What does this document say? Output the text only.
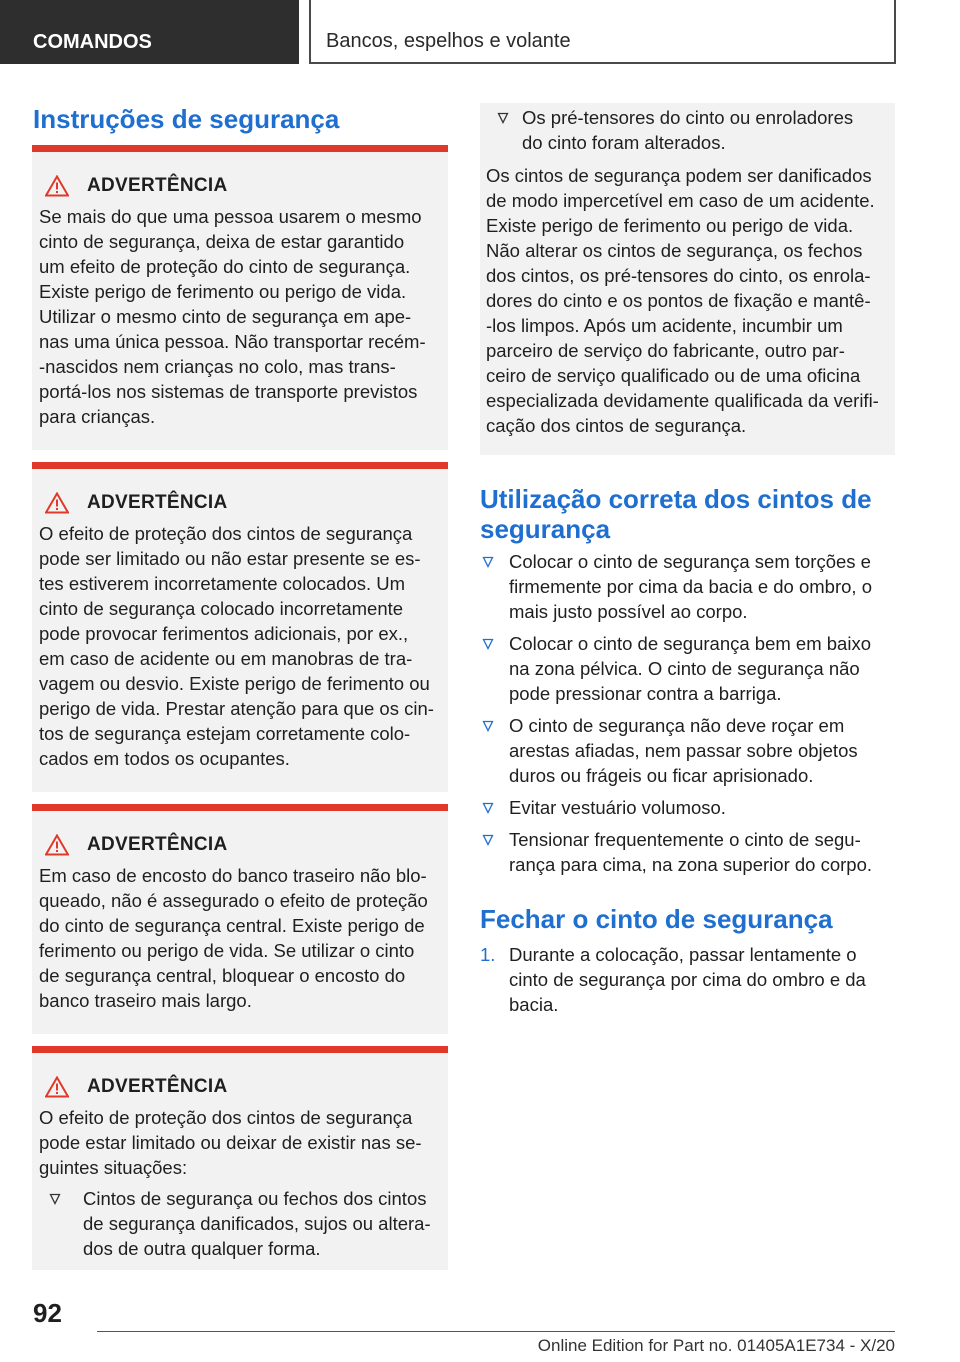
COMANDOS	Bancos, espelhos e volante
Instruções de segurança
ADVERTÊNCIA

Se mais do que uma pessoa usarem o mesmo
cinto de segurança, deixa de estar garantido
um efeito de proteção do cinto de segurança.
Existe perigo de ferimento ou perigo de vida.
Utilizar o mesmo cinto de segurança em ape-
nas uma única pessoa. Não transportar recém-
-nascidos nem crianças no colo, mas trans-
portá-los nos sistemas de transporte previstos
para crianças.

ADVERTÊNCIA

O efeito de proteção dos cintos de segurança
pode ser limitado ou não estar presente se es-
tes estiverem incorretamente colocados. Um
cinto de segurança colocado incorretamente
pode provocar ferimentos adicionais, por ex.,
em caso de acidente ou em manobras de tra-
vagem ou desvio. Existe perigo de ferimento ou
perigo de vida. Prestar atenção para que os cin-
tos de segurança estejam corretamente colo-
cados em todos os ocupantes.

ADVERTÊNCIA

Em caso de encosto do banco traseiro não blo-
queado, não é assegurado o efeito de proteção
do cinto de segurança central. Existe perigo de
ferimento ou perigo de vida. Se utilizar o cinto
de segurança central, bloquear o encosto do
banco traseiro mais largo.

ADVERTÊNCIA

O efeito de proteção dos cintos de segurança
pode estar limitado ou deixar de existir nas se-
guintes situações:

Cintos de segurança ou fechos dos cintos
de segurança danificados, sujos ou altera-
dos de outra qualquer forma.
Os pré-tensores do cinto ou enroladores
do cinto foram alterados.

Os cintos de segurança podem ser danificados
de modo impercetível em caso de um acidente.
Existe perigo de ferimento ou perigo de vida.
Não alterar os cintos de segurança, os fechos
dos cintos, os pré-tensores do cinto, os enrola-
dores do cinto e os pontos de fixação e mantê-
-los limpos. Após um acidente, incumbir um
parceiro de serviço do fabricante, outro par-
ceiro de serviço qualificado ou de uma oficina
especializada devidamente qualificada da verifi-
cação dos cintos de segurança.

Utilização correta dos cintos de
segurança
Colocar o cinto de segurança sem torções e
firmemente por cima da bacia e do ombro, o
mais justo possível ao corpo.
Colocar o cinto de segurança bem em baixo
na zona pélvica. O cinto de segurança não
pode pressionar contra a barriga.
O cinto de segurança não deve roçar em
arestas afiadas, nem passar sobre objetos
duros ou frágeis ou ficar aprisionado.
Evitar vestuário volumoso.
Tensionar frequentemente o cinto de segu-
rança para cima, na zona superior do corpo.
Fechar o cinto de segurança
1. Durante a colocação, passar lentamente o
cinto de segurança por cima do ombro e da
bacia.
92
Online Edition for Part no. 01405A1E734 - X/20
